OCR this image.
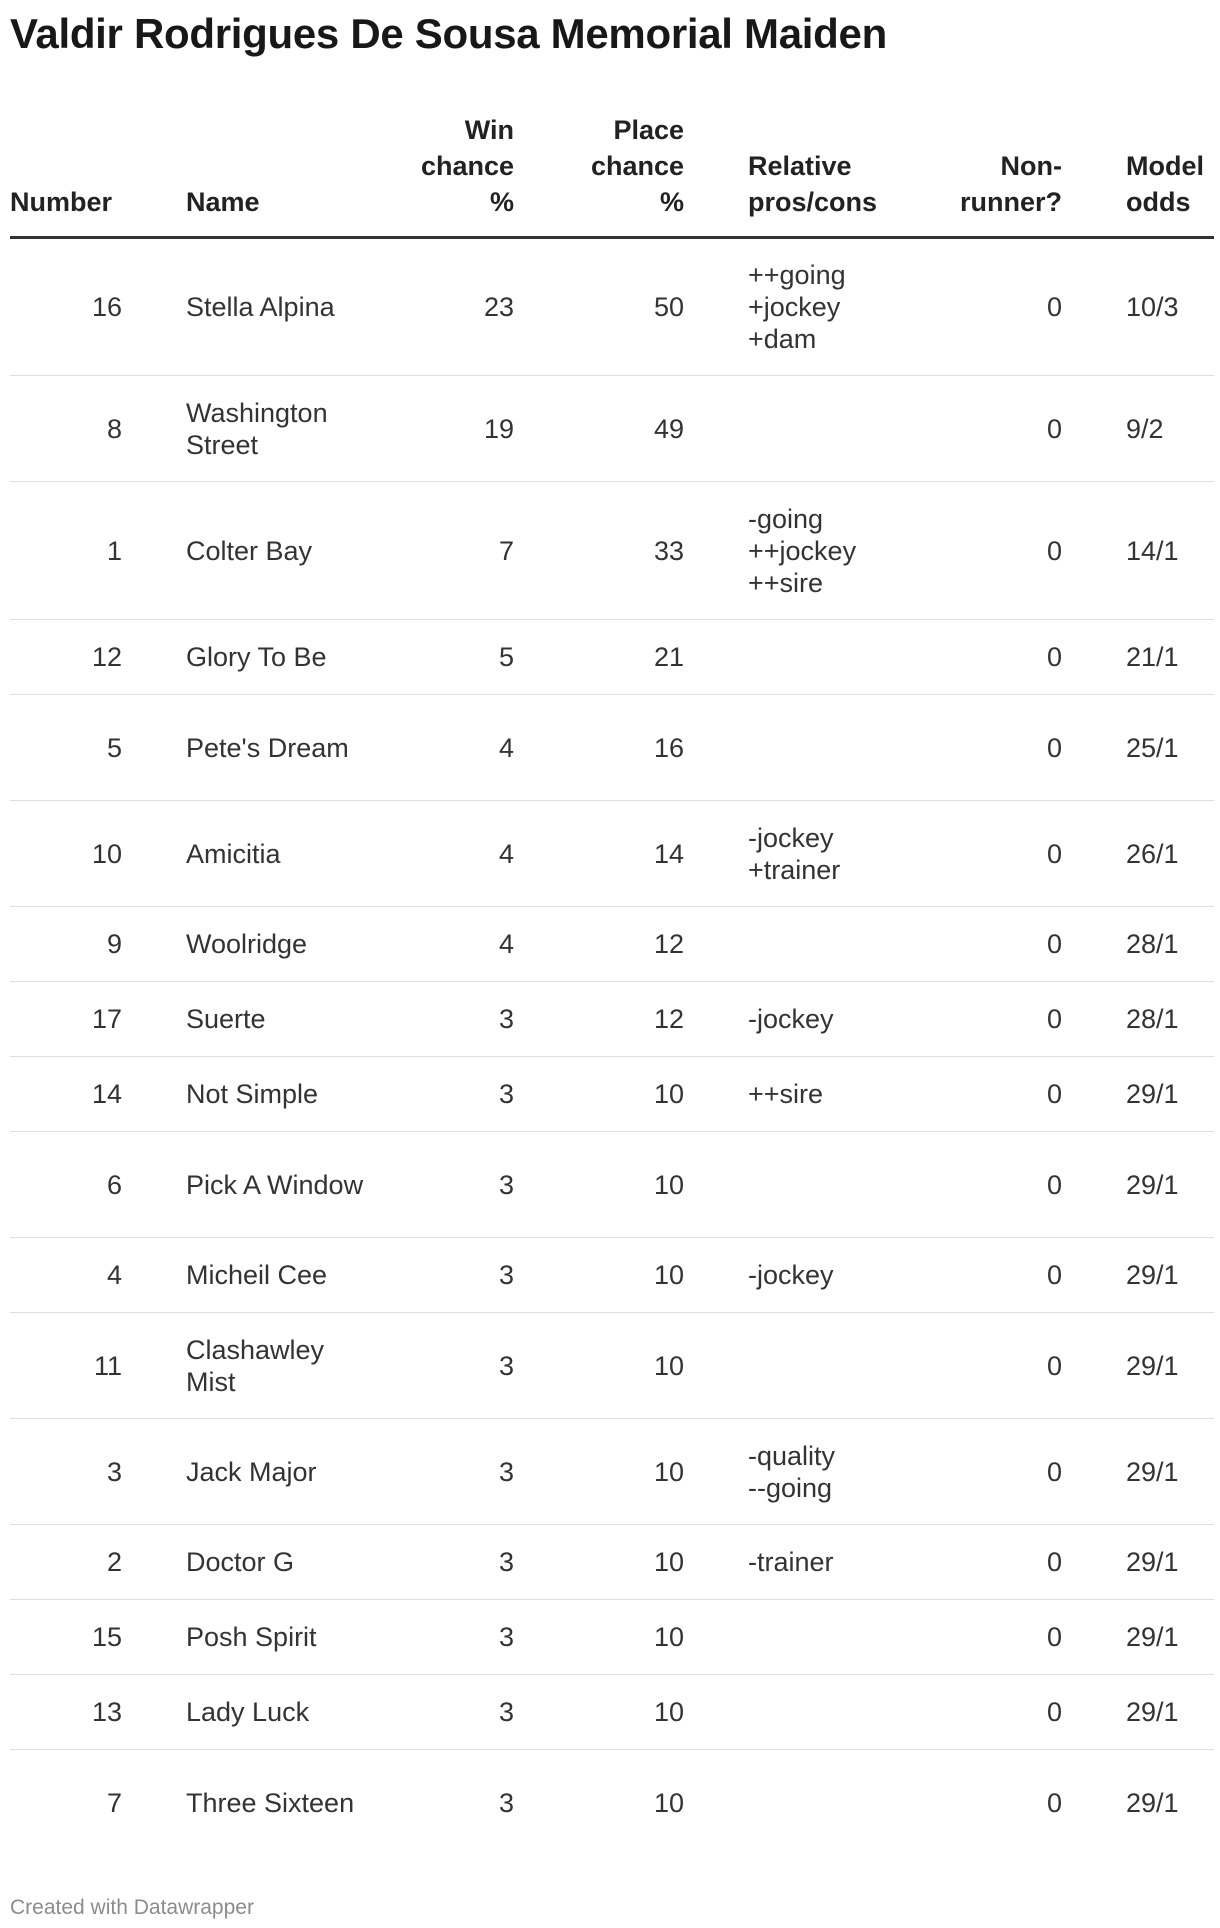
Valdir Rodrigues De Sousa Memorial Maiden
Number		Name	Win
chance
%	Place
chance
%		Relative
pros/cons	Non-
runner?		Model
odds
16		Stella Alpina	23	50		++going
+jockey
+dam	0		10/3
8		Washington Street	19	49			0		9/2
1		Colter Bay	7	33		-going
++jockey
++sire	0		14/1
12		Glory To Be	5	21			0		21/1
5		Pete's Dream	4	16			0		25/1
10		Amicitia	4	14		-jockey
+trainer	0		26/1
9		Woolridge	4	12			0		28/1
17		Suerte	3	12		-jockey	0		28/1
14		Not Simple	3	10		++sire	0		29/1
6		Pick A Window	3	10			0		29/1
4		Micheil Cee	3	10		-jockey	0		29/1
11		Clashawley Mist	3	10			0		29/1
3		Jack Major	3	10		-quality
--going	0		29/1
2		Doctor G	3	10		-trainer	0		29/1
15		Posh Spirit	3	10			0		29/1
13		Lady Luck	3	10			0		29/1
7		Three Sixteen	3	10			0		29/1
Created with Datawrapper
